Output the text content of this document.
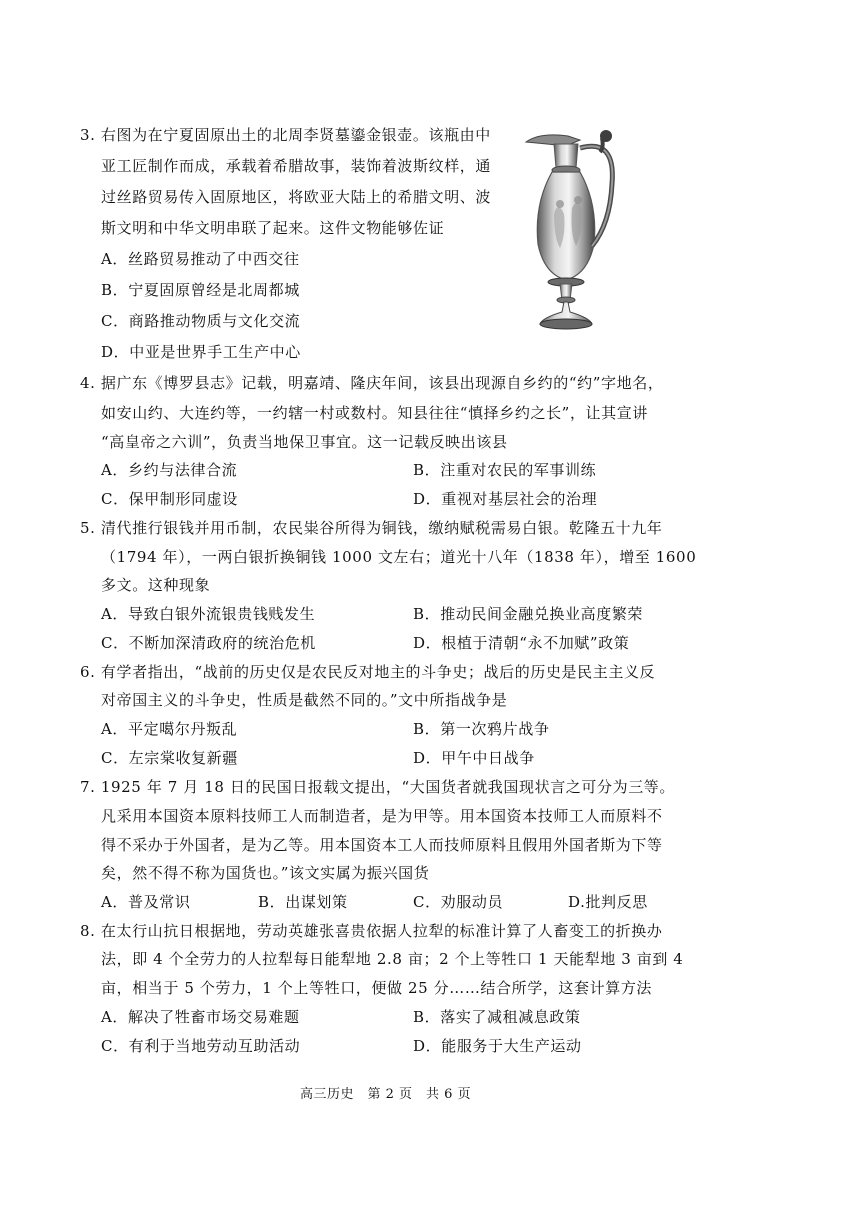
3. 右图为在宁夏固原出土的北周李贤墓鎏金银壶。该瓶由中
亚工匠制作而成，承载着希腊故事，装饰着波斯纹样，通
过丝路贸易传入固原地区，将欧亚大陆上的希腊文明、波
斯文明和中华文明串联了起来。这件文物能够佐证
A．丝路贸易推动了中西交往
B．宁夏固原曾经是北周都城
C．商路推动物质与文化交流
D．中亚是世界手工生产中心
4. 据广东《博罗县志》记载，明嘉靖、隆庆年间，该县出现源自乡约的“约”字地名，
如安山约、大连约等，一约辖一村或数村。知县往往“慎择乡约之长”，让其宣讲
“高皇帝之六训”，负责当地保卫事宜。这一记载反映出该县
A．乡约与法律合流	B．注重对农民的军事训练
C．保甲制形同虚设	D．重视对基层社会的治理
5. 清代推行银钱并用币制，农民粜谷所得为铜钱，缴纳赋税需易白银。乾隆五十九年
（1794 年），一两白银折换铜钱 1000 文左右；道光十八年（1838 年），增至 1600
多文。这种现象
A．导致白银外流银贵钱贱发生	B．推动民间金融兑换业高度繁荣
C．不断加深清政府的统治危机	D．根植于清朝“永不加赋”政策
6. 有学者指出，“战前的历史仅是农民反对地主的斗争史；战后的历史是民主主义反
对帝国主义的斗争史，性质是截然不同的。”文中所指战争是
A．平定噶尔丹叛乱	B．第一次鸦片战争
C．左宗棠收复新疆	D．甲午中日战争
7. 1925 年 7 月 18 日的民国日报载文提出，“大国货者就我国现状言之可分为三等。
凡采用本国资本原料技师工人而制造者，是为甲等。用本国资本技师工人而原料不
得不采办于外国者，是为乙等。用本国资本工人而技师原料且假用外国者斯为下等
矣，然不得不称为国货也。”该文实属为振兴国货
A．普及常识	B．出谋划策	C．劝服动员	D.批判反思
8. 在太行山抗日根据地，劳动英雄张喜贵依据人拉犁的标准计算了人畜变工的折换办
法，即 4 个全劳力的人拉犁每日能犁地 2.8 亩；2 个上等牲口 1 天能犁地 3 亩到 4
亩，相当于 5 个劳力，1 个上等牲口，便做 25 分……结合所学，这套计算方法
A．解决了牲畜市场交易难题	B．落实了减租减息政策
C．有利于当地劳动互助活动	D．能服务于大生产运动
高三历史　第 2 页　共 6 页
